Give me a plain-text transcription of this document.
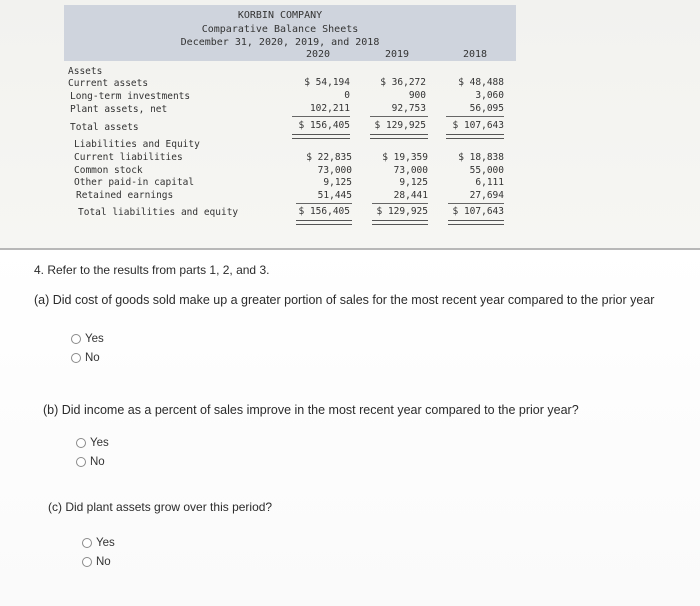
KORBIN COMPANY
Comparative Balance Sheets
December 31, 2020, 2019, and 2018
2020	2019	2018
Assets
Current assets	$ 54,194	$ 36,272	$ 48,488
Long-term investments	0	900	3,060
Plant assets, net	102,211	92,753	56,095
Total assets	$ 156,405	$ 129,925	$ 107,643
Liabilities and Equity
Current liabilities	$ 22,835	$ 19,359	$ 18,838
Common stock	73,000	73,000	55,000
Other paid-in capital	9,125	9,125	6,111
Retained earnings	51,445	28,441	27,694
Total liabilities and equity	$ 156,405	$ 129,925	$ 107,643
4. Refer to the results from parts 1, 2, and 3.
(a) Did cost of goods sold make up a greater portion of sales for the most recent year compared to the prior year
Yes
No
(b) Did income as a percent of sales improve in the most recent year compared to the prior year?
Yes
No
(c) Did plant assets grow over this period?
Yes
No
